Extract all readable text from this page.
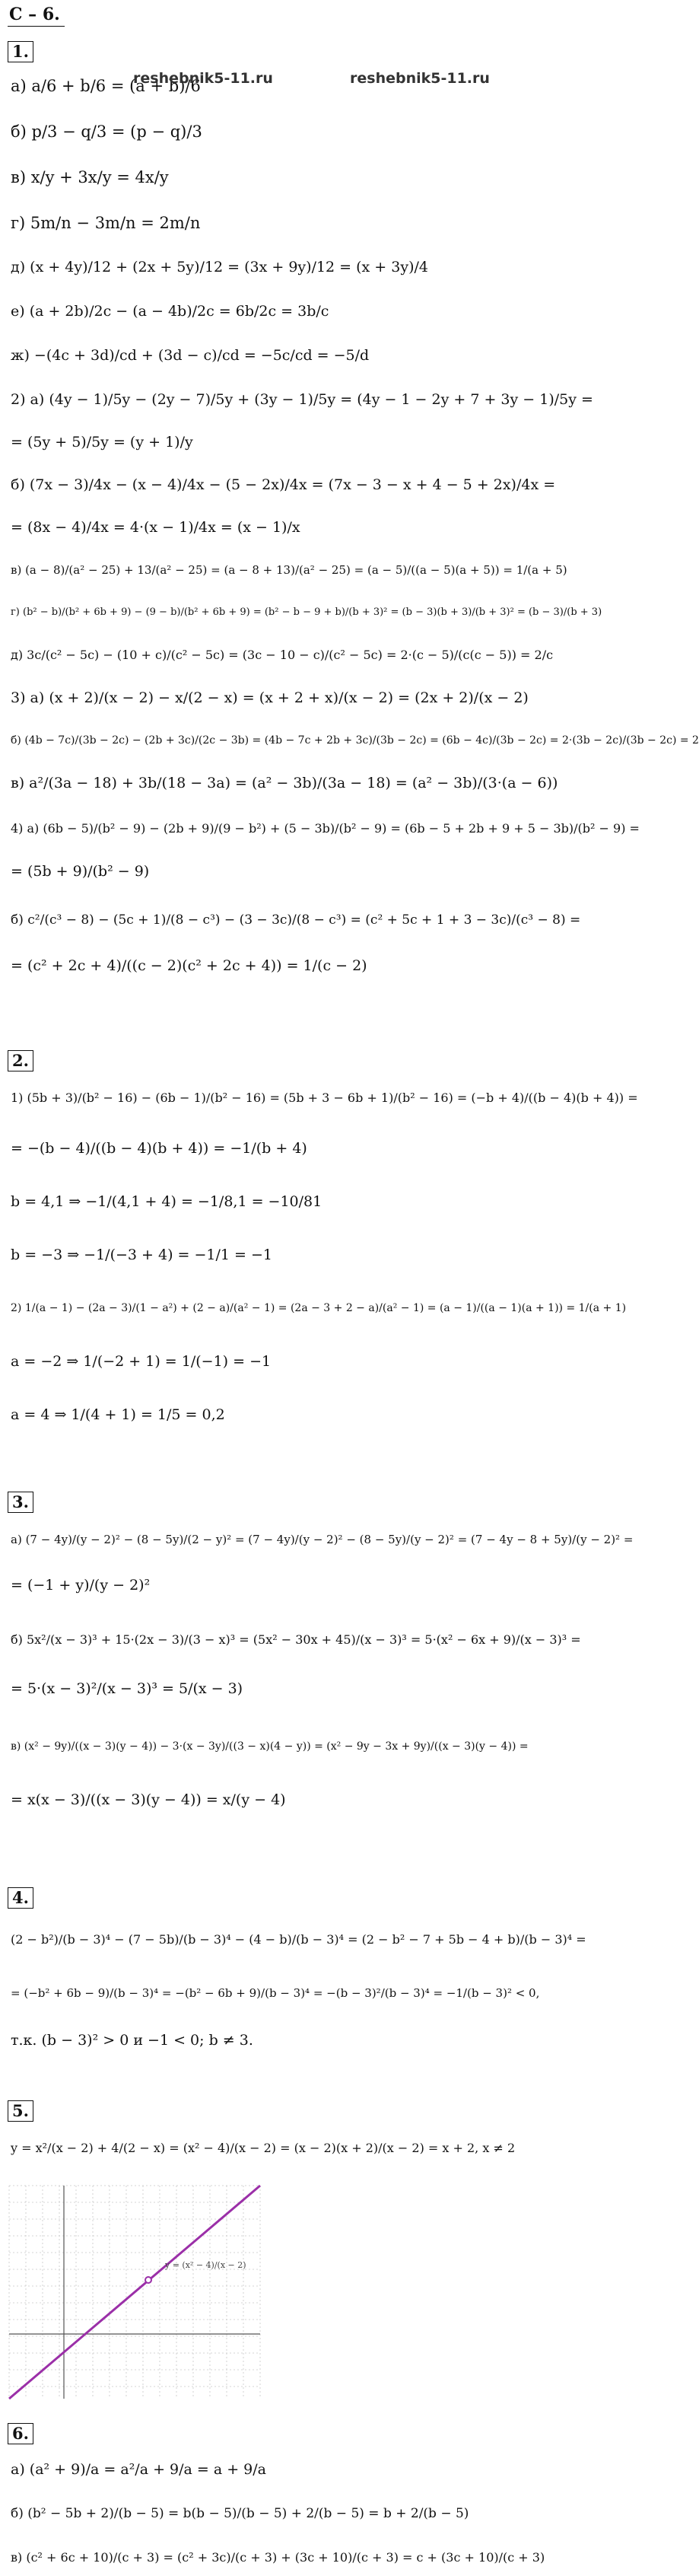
С – 6.
1.
2.
3.
4.
5.
6.
а) a/6 + b/6 = (a + b)/6
б) p/3 − q/3 = (p − q)/3
в) x/y + 3x/y = 4x/y
г) 5m/n − 3m/n = 2m/n
д) (x + 4y)/12 + (2x + 5y)/12 = (3x + 9y)/12 = (x + 3y)/4
е) (a + 2b)/2c − (a − 4b)/2c = 6b/2c = 3b/c
ж) −(4c + 3d)/cd + (3d − c)/cd = −5c/cd = −5/d
2) а) (4y − 1)/5y − (2y − 7)/5y + (3y − 1)/5y = (4y − 1 − 2y + 7 + 3y − 1)/5y =
= (5y + 5)/5y = (y + 1)/y
б) (7x − 3)/4x − (x − 4)/4x − (5 − 2x)/4x = (7x − 3 − x + 4 − 5 + 2x)/4x =
= (8x − 4)/4x = 4·(x − 1)/4x = (x − 1)/x
в) (a − 8)/(a² − 25) + 13/(a² − 25) = (a − 8 + 13)/(a² − 25) = (a − 5)/((a − 5)(a + 5)) = 1/(a + 5)
г) (b² − b)/(b² + 6b + 9) − (9 − b)/(b² + 6b + 9) = (b² − b − 9 + b)/(b + 3)² = (b − 3)(b + 3)/(b + 3)² = (b − 3)/(b + 3)
д) 3c/(c² − 5c) − (10 + c)/(c² − 5c) = (3c − 10 − c)/(c² − 5c) = 2·(c − 5)/(c(c − 5)) = 2/c
3) а) (x + 2)/(x − 2) − x/(2 − x) = (x + 2 + x)/(x − 2) = (2x + 2)/(x − 2)
б) (4b − 7c)/(3b − 2c) − (2b + 3c)/(2c − 3b) = (4b − 7c + 2b + 3c)/(3b − 2c) = (6b − 4c)/(3b − 2c) = 2·(3b − 2c)/(3b − 2c) = 2
в) a²/(3a − 18) + 3b/(18 − 3a) = (a² − 3b)/(3a − 18) = (a² − 3b)/(3·(a − 6))
4) а) (6b − 5)/(b² − 9) − (2b + 9)/(9 − b²) + (5 − 3b)/(b² − 9) = (6b − 5 + 2b + 9 + 5 − 3b)/(b² − 9) =
= (5b + 9)/(b² − 9)
б) c²/(c³ − 8) − (5c + 1)/(8 − c³) − (3 − 3c)/(8 − c³) = (c² + 5c + 1 + 3 − 3c)/(c³ − 8) =
= (c² + 2c + 4)/((c − 2)(c² + 2c + 4)) = 1/(c − 2)
1) (5b + 3)/(b² − 16) − (6b − 1)/(b² − 16) = (5b + 3 − 6b + 1)/(b² − 16) = (−b + 4)/((b − 4)(b + 4)) =
= −(b − 4)/((b − 4)(b + 4)) = −1/(b + 4)
b = 4,1 ⇒ −1/(4,1 + 4) = −1/8,1 = −10/81
b = −3 ⇒ −1/(−3 + 4) = −1/1 = −1
2) 1/(a − 1) − (2a − 3)/(1 − a²) + (2 − a)/(a² − 1) = (2a − 3 + 2 − a)/(a² − 1) = (a − 1)/((a − 1)(a + 1)) = 1/(a + 1)
a = −2 ⇒ 1/(−2 + 1) = 1/(−1) = −1
a = 4 ⇒ 1/(4 + 1) = 1/5 = 0,2
а) (7 − 4y)/(y − 2)² − (8 − 5y)/(2 − y)² = (7 − 4y)/(y − 2)² − (8 − 5y)/(y − 2)² = (7 − 4y − 8 + 5y)/(y − 2)² =
= (−1 + y)/(y − 2)²
б) 5x²/(x − 3)³ + 15·(2x − 3)/(3 − x)³ = (5x² − 30x + 45)/(x − 3)³ = 5·(x² − 6x + 9)/(x − 3)³ =
= 5·(x − 3)²/(x − 3)³ = 5/(x − 3)
в) (x² − 9y)/((x − 3)(y − 4)) − 3·(x − 3y)/((3 − x)(4 − y)) = (x² − 9y − 3x + 9y)/((x − 3)(y − 4)) =
= x(x − 3)/((x − 3)(y − 4)) = x/(y − 4)
(2 − b²)/(b − 3)⁴ − (7 − 5b)/(b − 3)⁴ − (4 − b)/(b − 3)⁴ = (2 − b² − 7 + 5b − 4 + b)/(b − 3)⁴ =
= (−b² + 6b − 9)/(b − 3)⁴ = −(b² − 6b + 9)/(b − 3)⁴ = −(b − 3)²/(b − 3)⁴ = −1/(b − 3)² < 0,
т.к. (b − 3)² > 0 и −1 < 0; b ≠ 3.
y = x²/(x − 2) + 4/(2 − x) = (x² − 4)/(x − 2) = (x − 2)(x + 2)/(x − 2) = x + 2, x ≠ 2
y = (x² − 4)/(x − 2)
а) (a² + 9)/a = a²/a + 9/a = a + 9/a
б) (b² − 5b + 2)/(b − 5) = b(b − 5)/(b − 5) + 2/(b − 5) = b + 2/(b − 5)
в) (c² + 6c + 10)/(c + 3) = (c² + 3c)/(c + 3) + (3c + 10)/(c + 3) = c + (3c + 10)/(c + 3)
reshebnik5-11.ru	reshebnik5-11.ru
